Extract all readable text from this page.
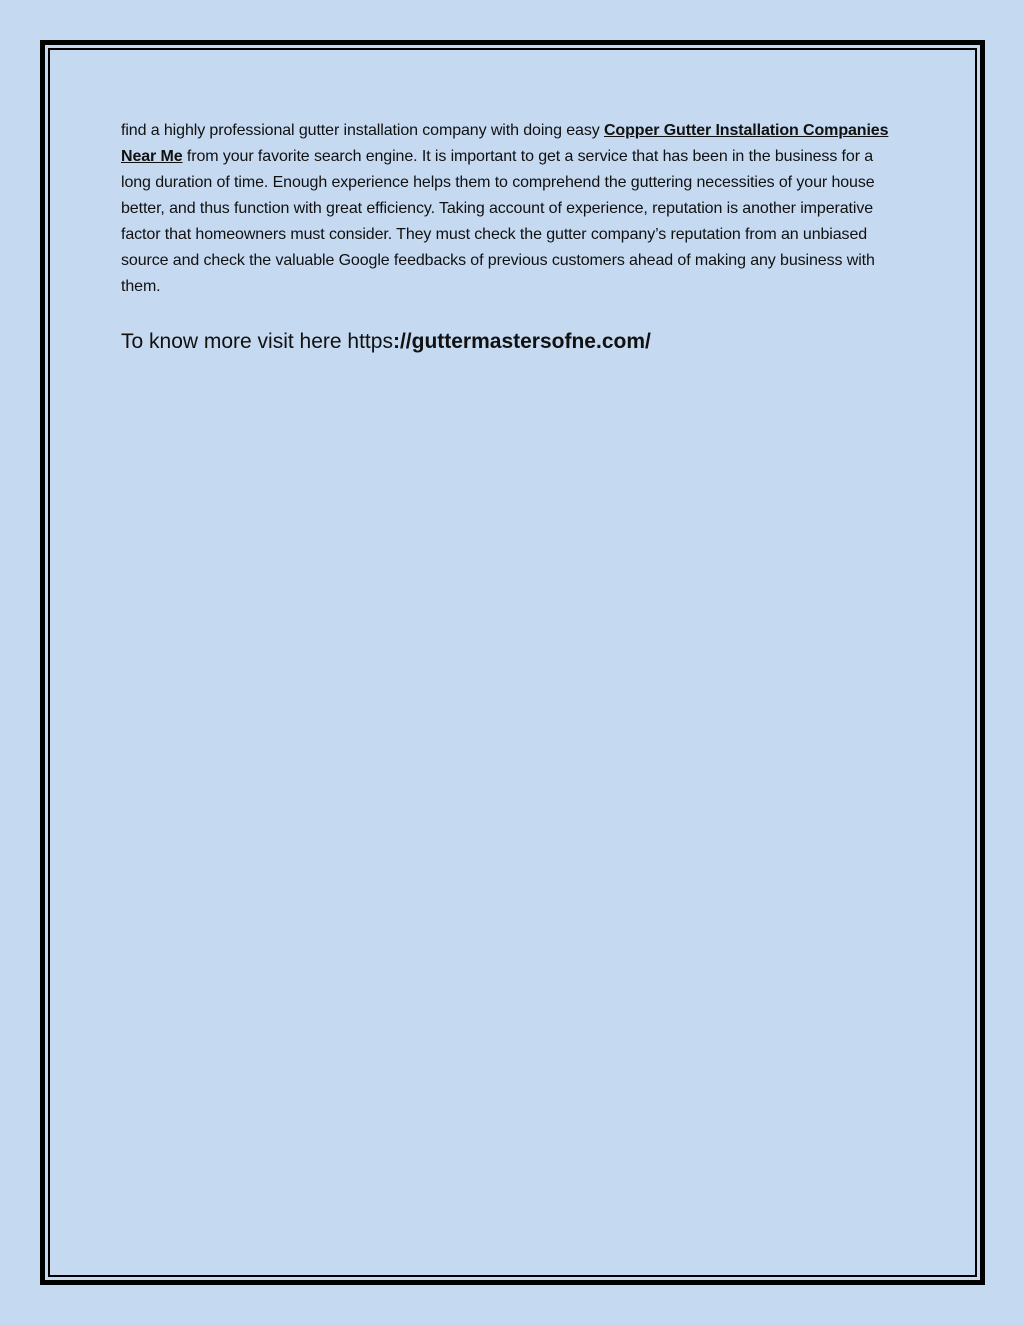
find a highly professional gutter installation company with doing easy Copper Gutter Installation Companies Near Me from your favorite search engine. It is important to get a service that has been in the business for a long duration of time. Enough experience helps them to comprehend the guttering necessities of your house better, and thus function with great efficiency. Taking account of experience, reputation is another imperative factor that homeowners must consider. They must check the gutter company’s reputation from an unbiased source and check the valuable Google feedbacks of previous customers ahead of making any business with them.

To know more visit here https://guttermastersofne.com/
